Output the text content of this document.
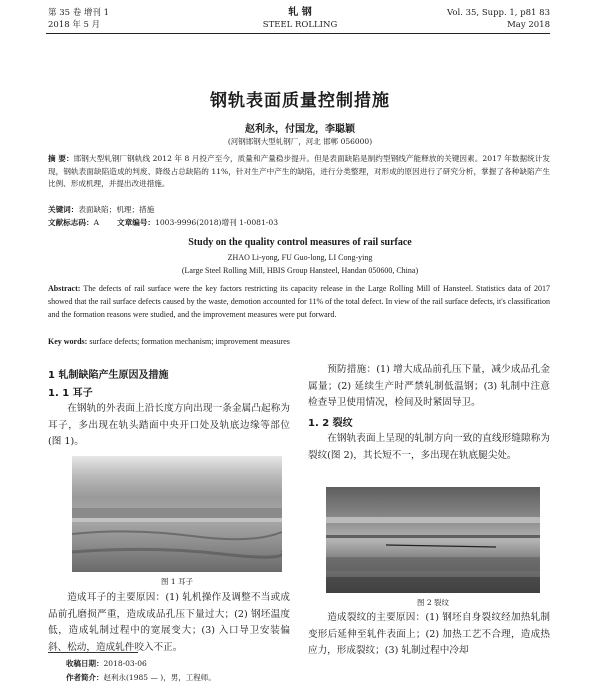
第 35 卷 增刊 1
2018 年 5 月
轧 钢
STEEL ROLLING
Vol. 35, Supp. 1, p81 83
May 2018
钢轨表面质量控制措施
赵利永，付国龙，李聪颖
(河钢邯钢大型轧钢厂，河北 邯郸 056000)
摘 要：邯钢大型轧钢厂钢轨线 2012 年 8 月投产至今，质量和产量稳步提升。但是表面缺陷是制约型钢线产能释放的关键因素。2017 年数据统计发现，钢轨表面缺陷造成的判废、降级占总缺陷的 11%，针对生产中产生的缺陷，进行分类整理，对形成的原因进行了研究分析，掌握了各种缺陷产生比例、形成机理，并提出改进措施。
关键词：表面缺陷；机理；措施
文献标志码：A 文章编号：1003-9996(2018)增刊 1-0081-03
Study on the quality control measures of rail surface
ZHAO Li-yong, FU Guo-long, LI Cong-ying
(Large Steel Rolling Mill, HBIS Group Hansteel, Handan 050600, China)
Abstract: The defects of rail surface were the key factors restricting its capacity release in the Large Rolling Mill of Hansteel. Statistics data of 2017 showed that the rail surface defects caused by the waste, demotion accounted for 11% of the total defect. In view of the rail surface defects, it's classification and the formation reasons were studied, and the improvement measures were put forward.
Key words: surface defects; formation mechanism; improvement measures
1 轧制缺陷产生原因及措施
1. 1 耳子
在钢轨的外表面上沿长度方向出现一条金属凸起称为耳子，多出现在轨头踏面中央开口处及轨底边缘等部位(图 1)。
图 1 耳子
造成耳子的主要原因：(1) 轧机操作及调整不当或成品前孔磨损严重，造成成品孔压下量过大；(2) 钢坯温度低，造成轧制过程中的宽展变大；(3) 入口导卫安装偏斜、松动，造成轧件咬入不正。
预防措施：(1) 增大成品前孔压下量，减少成品孔金属量；(2) 延续生产时严禁轧制低温钢；(3) 轧制中注意检查导卫使用情况，检间及时紧固导卫。
1. 2 裂纹
在钢轨表面上呈现的轧制方向一致的直线形缝隙称为裂纹(图 2)，其长短不一，多出现在轨底腿尖处。
图 2 裂纹
造成裂纹的主要原因：(1) 钢坯自身裂纹经加热轧制变形后延伸至轧件表面上；(2) 加热工艺不合理，造成热应力，形成裂纹；(3) 轧制过程中冷却
收稿日期：2018-03-06
作者简介：赵利永(1985 — )，男，工程师。
